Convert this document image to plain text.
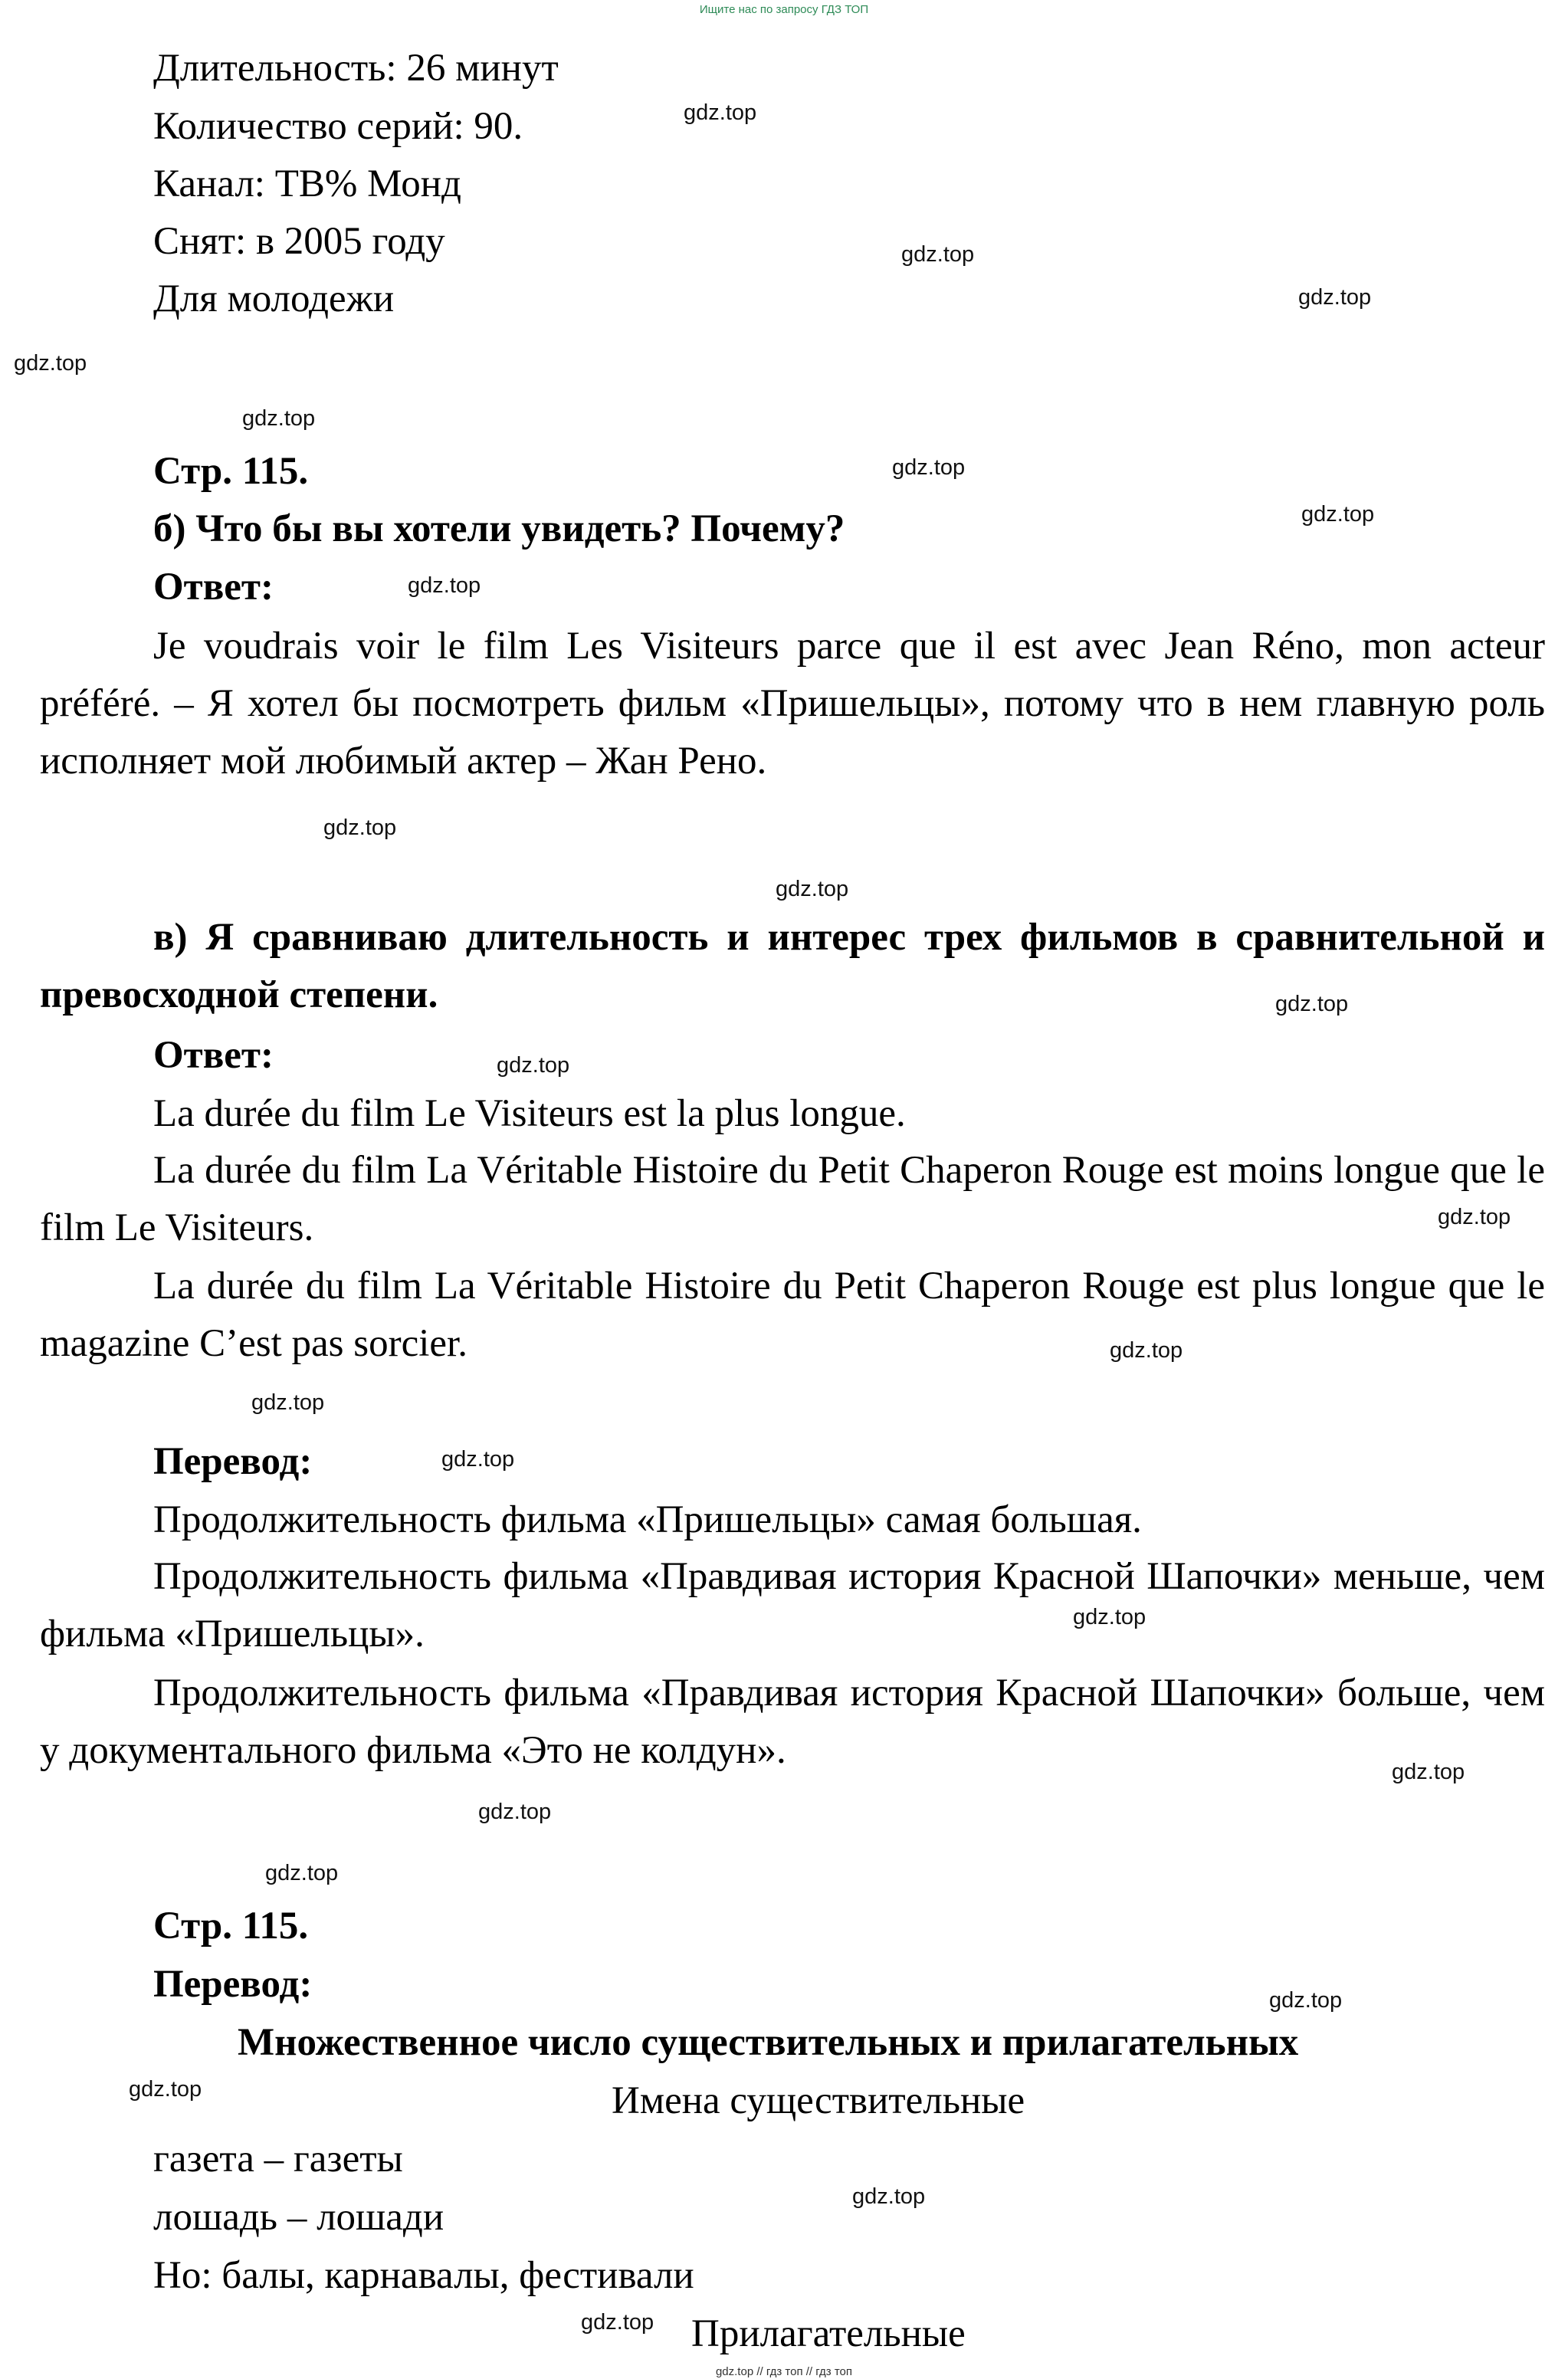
Ищите нас по запросу ГДЗ ТОП
Длительность: 26 минут
Количество серий: 90.
Канал: ТВ% Монд
Снят: в 2005 году
Для молодежи
Стр. 115.
б) Что бы вы хотели увидеть? Почему?
Ответ:
Je voudrais voir le film Les Visiteurs parce que il est avec Jean Réno, mon acteur préféré. – Я хотел бы посмотреть фильм «Пришельцы», потому что в нем главную роль исполняет мой любимый актер – Жан Рено.
в) Я сравниваю длительность и интерес трех фильмов в сравнительной и превосходной степени.
Ответ:
La durée du film Le Visiteurs est la plus longue.
La durée du film La Véritable Histoire du Petit Chaperon Rouge est moins longue que le film Le Visiteurs.
La durée du film La Véritable Histoire du Petit Chaperon Rouge est plus longue que le magazine C’est pas sorcier.
Перевод:
Продолжительность фильма «Пришельцы» самая большая.
Продолжительность фильма «Правдивая история Красной Шапочки» меньше, чем фильма «Пришельцы».
Продолжительность фильма «Правдивая история Красной Шапочки» больше, чем у документального фильма «Это не колдун».
Стр. 115.
Перевод:
Множественное число существительных и прилагательных
Имена существительные
газета – газеты
лошадь – лошади
Но: балы, карнавалы, фестивали
Прилагательные
gdz.top
gdz.top
gdz.top
gdz.top
gdz.top
gdz.top
gdz.top
gdz.top
gdz.top
gdz.top
gdz.top
gdz.top
gdz.top
gdz.top
gdz.top
gdz.top
gdz.top
gdz.top
gdz.top
gdz.top
gdz.top
gdz.top
gdz.top
gdz.top
gdz.top // гдз топ // гдз топ
